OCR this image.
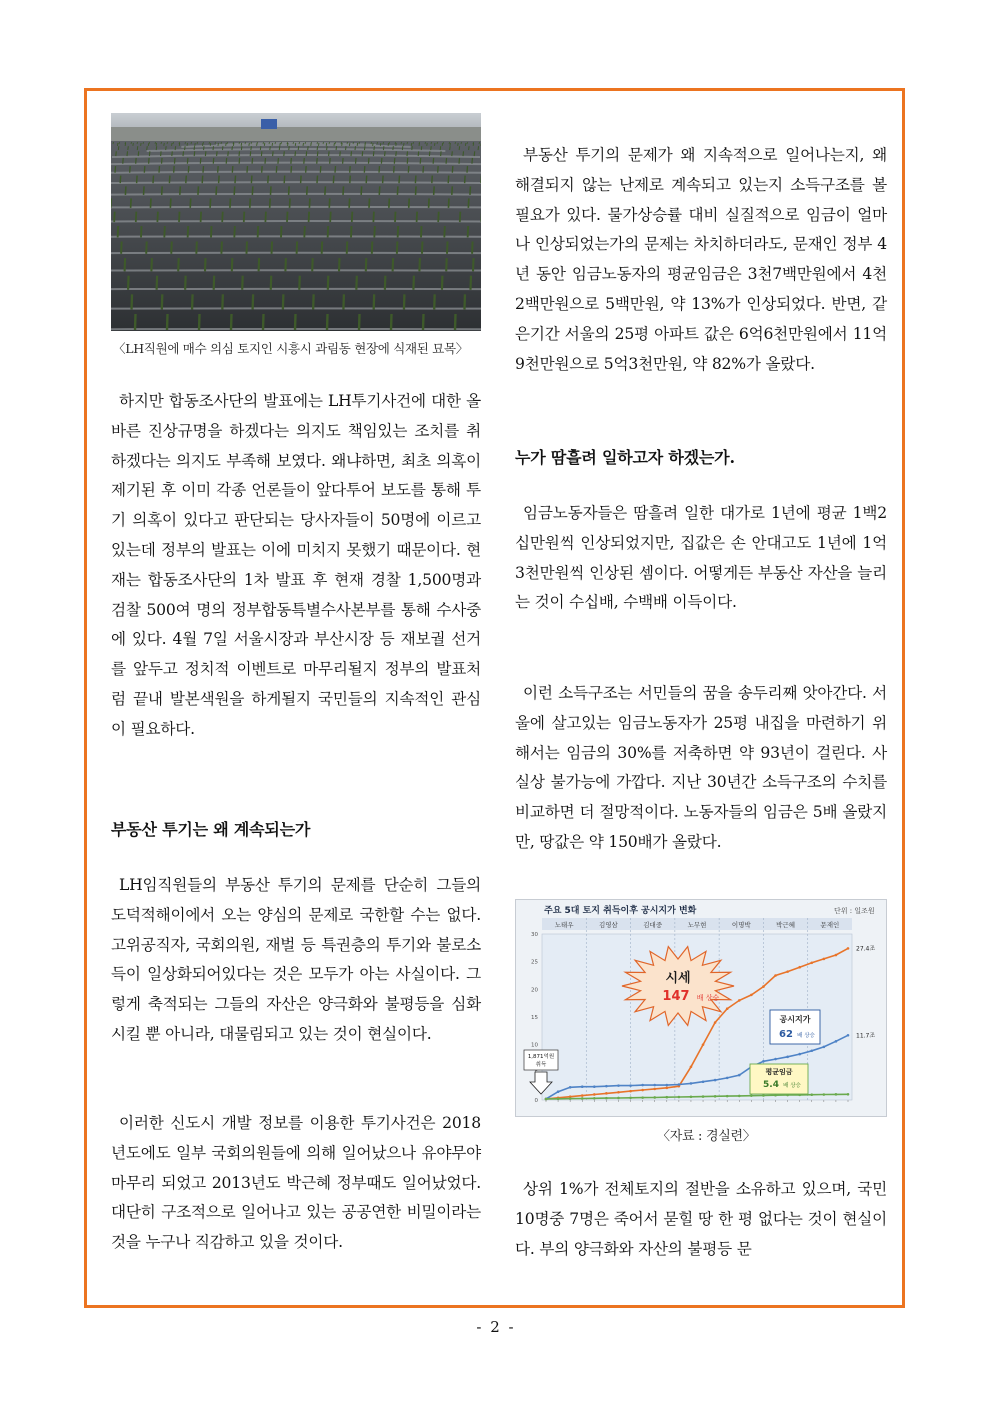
〈LH직원에 매수 의심 토지인 시흥시 과림동 현장에 식재된 묘목〉

하지만 합동조사단의 발표에는 LH투기사건에 대한 올바른 진상규명을 하겠다는 의지도 책임있는 조치를 취하겠다는 의지도 부족해 보였다. 왜냐하면, 최초 의혹이 제기된 후 이미 각종 언론들이 앞다투어 보도를 통해 투기 의혹이 있다고 판단되는 당사자들이 50명에 이르고 있는데 정부의 발표는 이에 미치지 못했기 때문이다. 현재는 합동조사단의 1차 발표 후 현재 경찰 1,500명과 검찰 500여 명의 정부합동특별수사본부를 통해 수사중에 있다. 4월 7일 서울시장과 부산시장 등 재보궐 선거를 앞두고 정치적 이벤트로 마무리될지 정부의 발표처럼 끝내 발본색원을 하게될지 국민들의 지속적인 관심이 필요하다.

부동산 투기는 왜 계속되는가

LH임직원들의 부동산 투기의 문제를 단순히 그들의 도덕적해이에서 오는 양심의 문제로 국한할 수는 없다. 고위공직자, 국회의원, 재벌 등 특권층의 투기와 불로소득이 일상화되어있다는 것은 모두가 아는 사실이다. 그렇게 축적되는 그들의 자산은 양극화와 불평등을 심화시킬 뿐 아니라, 대물림되고 있는 것이 현실이다.

이러한 신도시 개발 정보를 이용한 투기사건은 2018년도에도 일부 국회의원들에 의해 일어났으나 유야무야 마무리 되었고 2013년도 박근혜 정부때도 일어났었다. 대단히 구조적으로 일어나고 있는 공공연한 비밀이라는 것을 누구나 직감하고 있을 것이다.

부동산 투기의 문제가 왜 지속적으로 일어나는지, 왜 해결되지 않는 난제로 계속되고 있는지 소득구조를 볼 필요가 있다. 물가상승률 대비 실질적으로 임금이 얼마나 인상되었는가의 문제는 차치하더라도, 문재인 정부 4년 동안 임금노동자의 평균임금은 3천7백만원에서 4천2백만원으로 5백만원, 약 13%가 인상되었다. 반면, 같은기간 서울의 25평 아파트 값은 6억6천만원에서 11억9천만원으로 5억3천만원, 약 82%가 올랐다.

누가 땀흘려 일하고자 하겠는가.

임금노동자들은 땀흘려 일한 대가로 1년에 평균 1백2십만원씩 인상되었지만, 집값은 손 안대고도 1년에 1억3천만원씩 인상된 셈이다. 어떻게든 부동산 자산을 늘리는 것이 수십배, 수백배 이득이다.

이런 소득구조는 서민들의 꿈을 송두리째 앗아간다. 서울에 살고있는 임금노동자가 25평 내집을 마련하기 위해서는 임금의 30%를 저축하면 약 93년이 걸린다. 사실상 불가능에 가깝다. 지난 30년간 소득구조의 수치를 비교하면 더 절망적이다. 노동자들의 임금은 5배 올랐지만, 땅값은 약 150배가 올랐다.

주요 5대 토지 취득이후 공시지가 변화	단위 : 일조원
노태우	김영삼	김대중	노무현	이명박	박근혜	문재인
0
10
15
20
25
30
27.4조
11.7조
1,871억원
취득
시세
147 배 상승
공시지가
62 배 상승
평균임금
5.4 배 상승
〈자료 : 경실련〉

상위 1%가 전체토지의 절반을 소유하고 있으며, 국민 10명중 7명은 죽어서 묻힐 땅 한 평 없다는 것이 현실이다. 부의 양극화와 자산의 불평등 문

- 2 -
